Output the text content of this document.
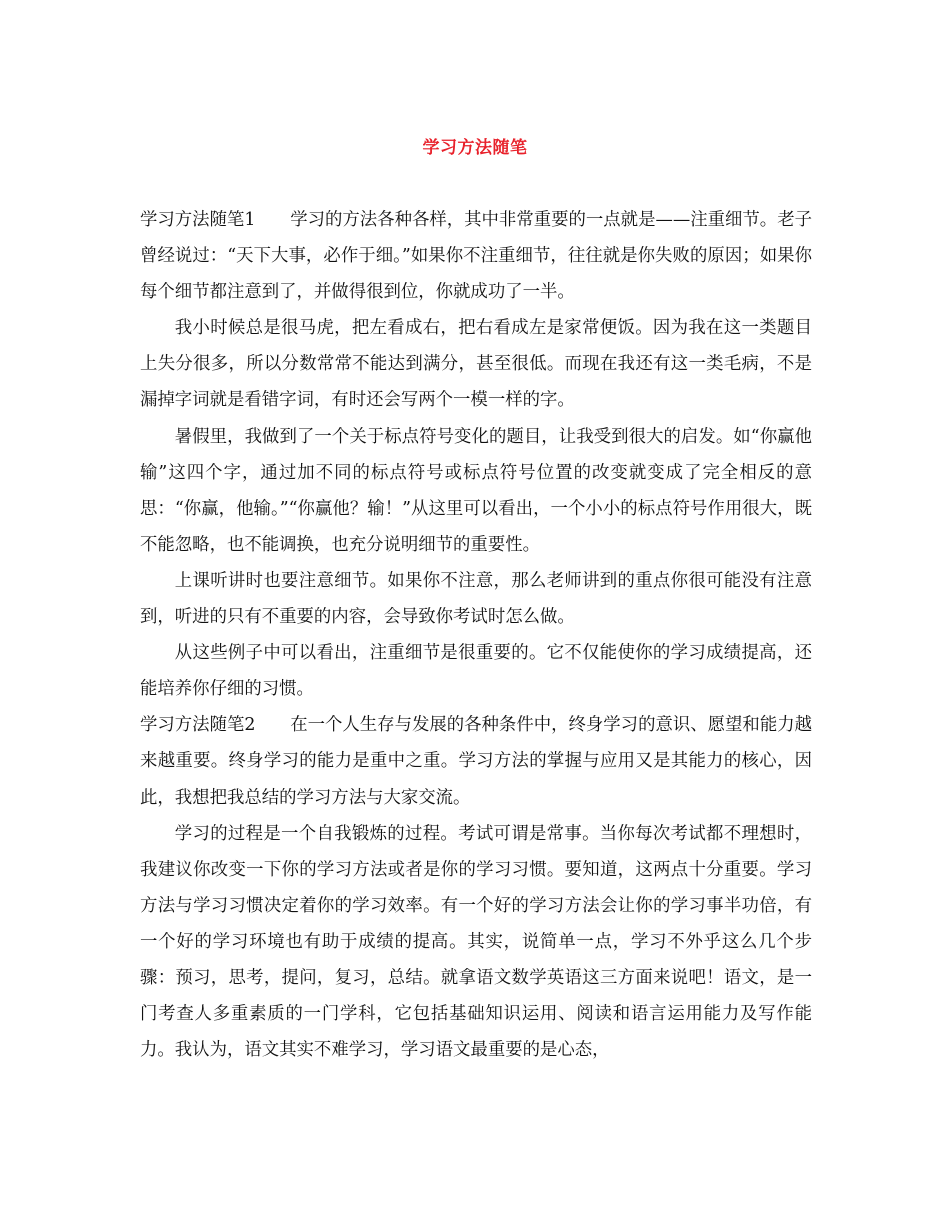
学习方法随笔

学习方法随笔1　　学习的方法各种各样，其中非常重要的一点就是——注重细节。老子曾经说过：“天下大事，必作于细。”如果你不注重细节，往往就是你失败的原因；如果你每个细节都注意到了，并做得很到位，你就成功了一半。

我小时候总是很马虎，把左看成右，把右看成左是家常便饭。因为我在这一类题目上失分很多，所以分数常常不能达到满分，甚至很低。而现在我还有这一类毛病，不是漏掉字词就是看错字词，有时还会写两个一模一样的字。

暑假里，我做到了一个关于标点符号变化的题目，让我受到很大的启发。如“你赢他输”这四个字，通过加不同的标点符号或标点符号位置的改变就变成了完全相反的意思：“你赢，他输。”“你赢他？输！”从这里可以看出，一个小小的标点符号作用很大，既不能忽略，也不能调换，也充分说明细节的重要性。

上课听讲时也要注意细节。如果你不注意，那么老师讲到的重点你很可能没有注意到，听进的只有不重要的内容，会导致你考试时怎么做。

从这些例子中可以看出，注重细节是很重要的。它不仅能使你的学习成绩提高，还能培养你仔细的习惯。

学习方法随笔2　　在一个人生存与发展的各种条件中，终身学习的意识、愿望和能力越来越重要。终身学习的能力是重中之重。学习方法的掌握与应用又是其能力的核心，因此，我想把我总结的学习方法与大家交流。

学习的过程是一个自我锻炼的过程。考试可谓是常事。当你每次考试都不理想时，我建议你改变一下你的学习方法或者是你的学习习惯。要知道，这两点十分重要。学习方法与学习习惯决定着你的学习效率。有一个好的学习方法会让你的学习事半功倍，有一个好的学习环境也有助于成绩的提高。其实，说简单一点，学习不外乎这么几个步骤：预习，思考，提问，复习，总结。就拿语文数学英语这三方面来说吧！语文，是一门考查人多重素质的一门学科，它包括基础知识运用、阅读和语言运用能力及写作能力。我认为，语文其实不难学习，学习语文最重要的是心态，
